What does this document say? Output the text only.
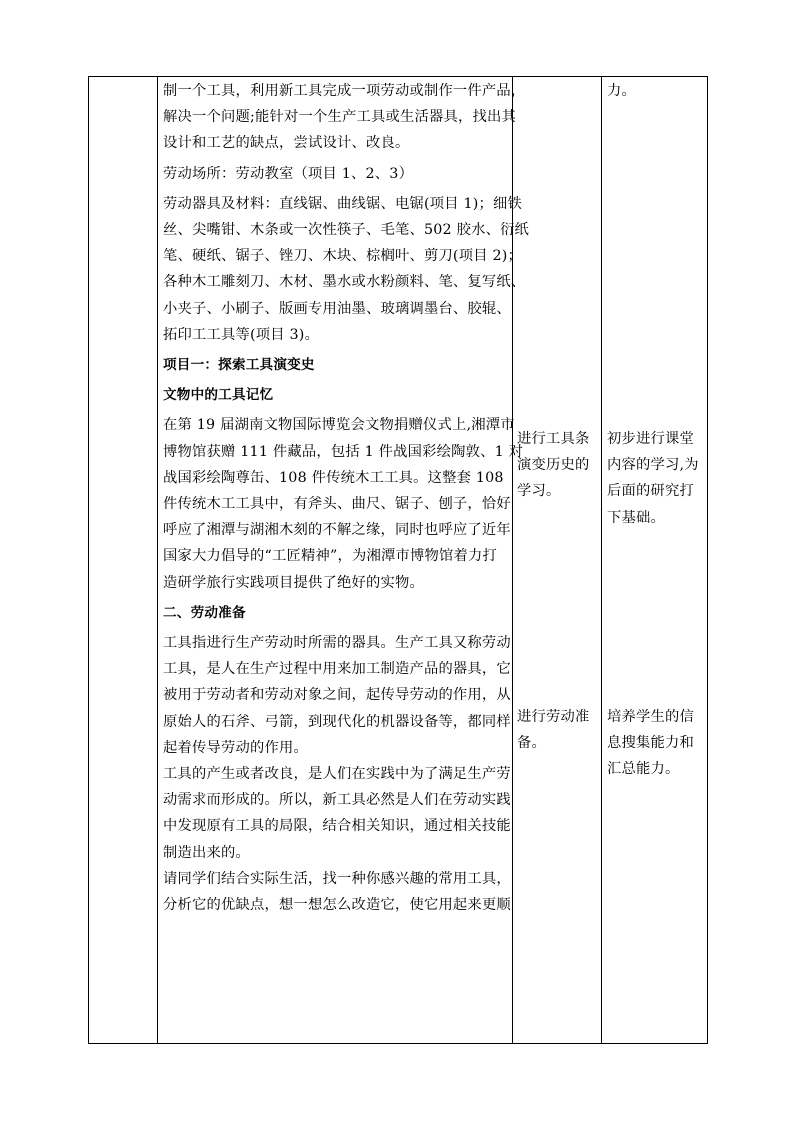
制一个工具，利用新工具完成一项劳动或制作一件产品，
解决一个问题;能针对一个生产工具或生活器具，找出其
设计和工艺的缺点，尝试设计、改良。
劳动场所：劳动教室（项目 1、2、3）
劳动器具及材料：直线锯、曲线锯、电锯(项目 1)；细铁
丝、尖嘴钳、木条或一次性筷子、毛笔、502 胶水、衍纸
笔、硬纸、锯子、锉刀、木块、棕榈叶、剪刀(项目 2)；
各种木工雕刻刀、木材、墨水或水粉颜料、笔、复写纸、
小夹子、小刷子、版画专用油墨、玻璃调墨台、胶辊、
拓印工工具等(项目 3)。
项目一：探索工具演变史
文物中的工具记忆
在第 19 届湖南文物国际博览会文物捐赠仪式上,湘潭市
博物馆获赠 111 件藏品，包括 1 件战国彩绘陶敦、1 对
战国彩绘陶尊缶、108 件传统木工工具。这整套 108
件传统木工工具中，有斧头、曲尺、锯子、刨子，恰好
呼应了湘潭与湖湘木刻的不解之缘，同时也呼应了近年
国家大力倡导的“工匠精神”，为湘潭市博物馆着力打
造研学旅行实践项目提供了绝好的实物。
二、劳动准备
工具指进行生产劳动时所需的器具。生产工具又称劳动
工具，是人在生产过程中用来加工制造产品的器具，它
被用于劳动者和劳动对象之间，起传导劳动的作用，从
原始人的石斧、弓箭，到现代化的机器设备等，都同样
起着传导劳动的作用。
工具的产生或者改良，是人们在实践中为了满足生产劳
动需求而形成的。所以，新工具必然是人们在劳动实践
中发现原有工具的局限，结合相关知识，通过相关技能
制造出来的。
请同学们结合实际生活，找一种你感兴趣的常用工具，
分析它的优缺点，想一想怎么改造它，使它用起来更顺
进行工具条
演变历史的
学习。
进行劳动准
备。
力。
初步进行课堂
内容的学习,为
后面的研究打
下基础。
培养学生的信
息搜集能力和
汇总能力。
